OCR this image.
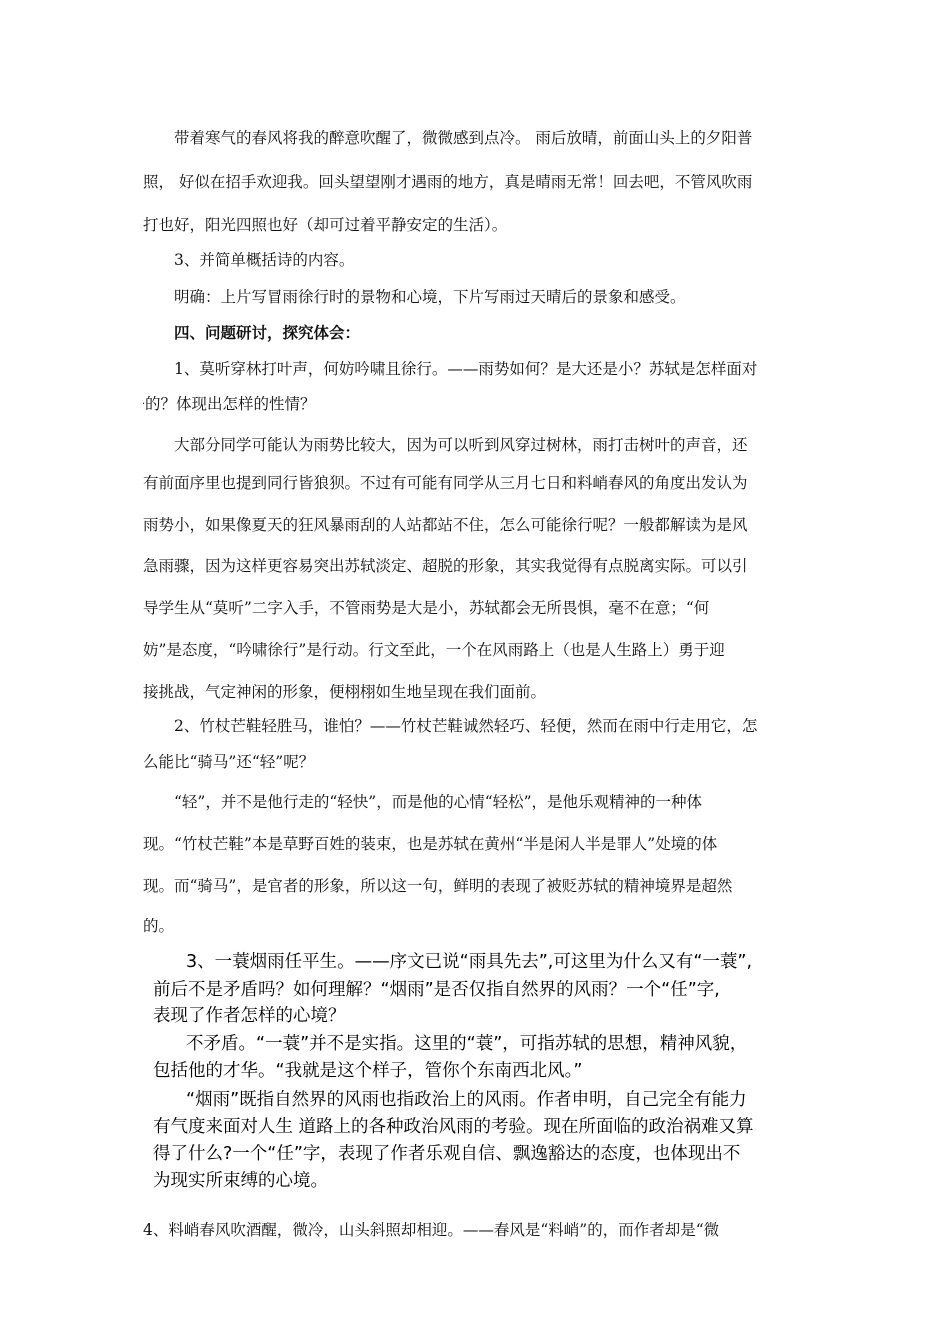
带着寒气的春风将我的醉意吹醒了，微微感到点冷。 雨后放晴，前面山头上的夕阳普

照， 好似在招手欢迎我。回头望望刚才遇雨的地方，真是晴雨无常！回去吧，不管风吹雨

打也好，阳光四照也好（却可过着平静安定的生活）。

3、并简单概括诗的内容。

明确：上片写冒雨徐行时的景物和心境，下片写雨过天晴后的景象和感受。

四、问题研讨，探究体会：

1、莫听穿林打叶声，何妨吟啸且徐行。——雨势如何？是大还是小？苏轼是怎样面对

. 的？体现出怎样的性情？

大部分同学可能认为雨势比较大，因为可以听到风穿过树林，雨打击树叶的声音，还

有前面序里也提到同行皆狼狈。不过有可能有同学从三月七日和料峭春风的角度出发认为

雨势小，如果像夏天的狂风暴雨刮的人站都站不住，怎么可能徐行呢？一般都解读为是风

急雨骤，因为这样更容易突出苏轼淡定、超脱的形象，其实我觉得有点脱离实际。可以引

导学生从“莫听”二字入手，不管雨势是大是小，苏轼都会无所畏惧，毫不在意；“何

妨”是态度，“吟啸徐行”是行动。行文至此，一个在风雨路上（也是人生路上）勇于迎

接挑战，气定神闲的形象，便栩栩如生地呈现在我们面前。

2、竹杖芒鞋轻胜马，谁怕？——竹杖芒鞋诚然轻巧、轻便，然而在雨中行走用它，怎

么能比“骑马”还“轻”呢？

“轻”，并不是他行走的“轻快”，而是他的心情“轻松”，是他乐观精神的一种体

现。“竹杖芒鞋”本是草野百姓的装束，也是苏轼在黄州“半是闲人半是罪人”处境的体

现。而“骑马”，是官者的形象，所以这一句，鲜明的表现了被贬苏轼的精神境界是超然

的。

3、一蓑烟雨任平生。——序文已说“雨具先去”,可这里为什么又有“一蓑”,

前后不是矛盾吗？如何理解？“烟雨”是否仅指自然界的风雨？一个“任”字,

表现了作者怎样的心境？

不矛盾。“一蓑”并不是实指。这里的“蓑”，可指苏轼的思想，精神风貌，

包括他的才华。“我就是这个样子，管你个东南西北风。”

“烟雨”既指自然界的风雨也指政治上的风雨。作者申明，自己完全有能力

有气度来面对人生 道路上的各种政治风雨的考验。现在所面临的政治祸难又算

得了什么?一个“任”字，表现了作者乐观自信、飘逸豁达的态度，也体现出不

为现实所束缚的心境。

4、料峭春风吹酒醒，微冷，山头斜照却相迎。——春风是“料峭”的，而作者却是“微
